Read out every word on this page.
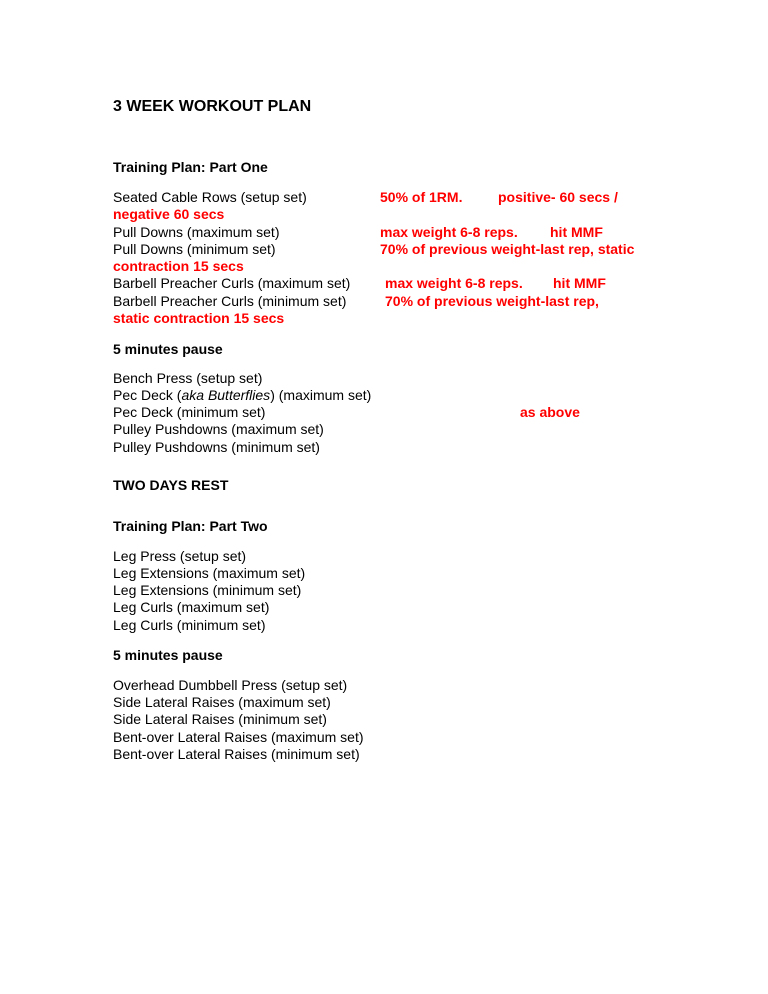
3 WEEK WORKOUT PLAN
Training Plan: Part One
Seated Cable Rows (setup set)	50% of 1RM.	positive- 60 secs /
negative 60 secs
Pull Downs (maximum set)	max weight 6-8 reps. hit MMF
Pull Downs (minimum set)	70% of previous weight-last rep, static
contraction 15 secs
Barbell Preacher Curls (maximum set) max weight 6-8 reps. hit MMF
Barbell Preacher Curls (minimum set)	70% of previous weight-last rep,
static contraction 15 secs
5 minutes pause
Bench Press (setup set)
Pec Deck (aka Butterflies) (maximum set)
Pec Deck (minimum set)	as above
Pulley Pushdowns (maximum set)
Pulley Pushdowns (minimum set)
TWO DAYS REST
Training Plan: Part Two
Leg Press (setup set)
Leg Extensions (maximum set)
Leg Extensions (minimum set)
Leg Curls (maximum set)
Leg Curls (minimum set)
5 minutes pause
Overhead Dumbbell Press (setup set)
Side Lateral Raises (maximum set)
Side Lateral Raises (minimum set)
Bent-over Lateral Raises (maximum set)
Bent-over Lateral Raises (minimum set)
